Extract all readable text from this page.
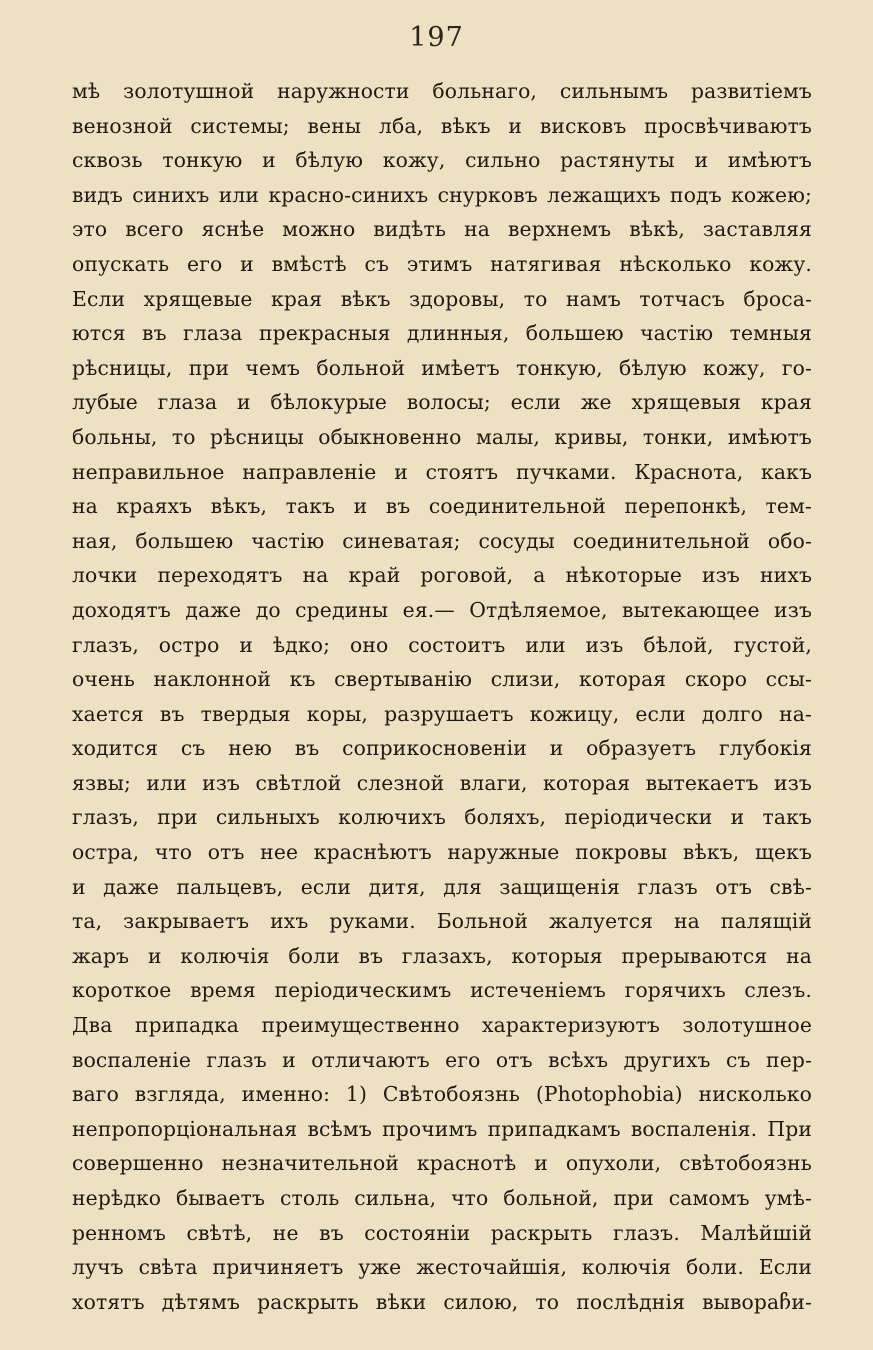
197
мѣ золотушной наружности больнаго, сильнымъ развитіемъ
венозной системы; вены лба, вѣкъ и висковъ просвѣчиваютъ
сквозь тонкую и бѣлую кожу, сильно растянуты и имѣютъ
видъ синихъ или красно-синихъ снурковъ лежащихъ подъ кожею;
это всего яснѣе можно видѣть на верхнемъ вѣкѣ, заставляя
опускать его и вмѣстѣ съ этимъ натягивая нѣсколько кожу.
Если хрящевые края вѣкъ здоровы, то намъ тотчасъ броса-
ются въ глаза прекрасныя длинныя, большею частію темныя
рѣсницы, при чемъ больной имѣетъ тонкую, бѣлую кожу, го-
лубые глаза и бѣлокурые волосы; если же хрящевыя края
больны, то рѣсницы обыкновенно малы, кривы, тонки, имѣютъ
неправильное направленіе и стоятъ пучками. Краснота, какъ
на краяхъ вѣкъ, такъ и въ соединительной перепонкѣ, тем-
ная, большею частію синеватая; сосуды соединительной обо-
лочки переходятъ на край роговой, а нѣкоторые изъ нихъ
доходятъ даже до средины ея.— Отдѣляемое, вытекающее изъ
глазъ, остро и ѣдко; оно состоитъ или изъ бѣлой, густой,
очень наклонной къ свертыванію слизи, которая скоро ссы-
хается въ твердыя коры, разрушаетъ кожицу, если долго на-
ходится съ нею въ соприкосновеніи и образуетъ глубокія
язвы; или изъ свѣтлой слезной влаги, которая вытекаетъ изъ
глазъ, при сильныхъ колючихъ боляхъ, періодически и такъ
остра, что отъ нее краснѣютъ наружные покровы вѣкъ, щекъ
и даже пальцевъ, если дитя, для защищенія глазъ отъ свѣ-
та, закрываетъ ихъ руками. Больной жалуется на палящій
жаръ и колючія боли въ глазахъ, которыя прерываются на
короткое время періодическимъ истеченіемъ горячихъ слезъ.
Два припадка преимущественно характеризуютъ золотушное
воспаленіе глазъ и отличаютъ его отъ всѣхъ другихъ съ пер-
ваго взгляда, именно: 1) Свѣтобоязнь (Photophobia) нисколько
непропорціональная всѣмъ прочимъ припадкамъ воспаленія. При
совершенно незначительной краснотѣ и опухоли, свѣтобоязнь
нерѣдко бываетъ столь сильна, что больной, при самомъ умѣ-
ренномъ свѣтѣ, не въ состояніи раскрыть глазъ. Малѣйшій
лучъ свѣта причиняетъ уже жесточайшія, колючія боли. Если
хотятъ дѣтямъ раскрыть вѣки силою, то послѣднія вывораჩи-
